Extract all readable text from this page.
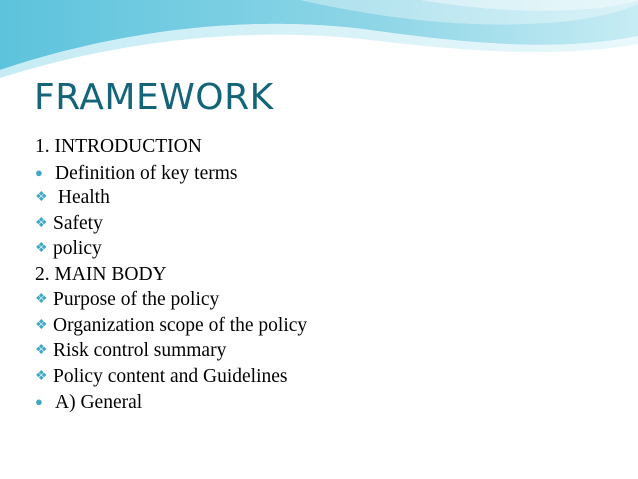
FRAMEWORK
1. INTRODUCTION
● Definition of key terms
❖ Health
❖ Safety
❖ policy
2. MAIN BODY
❖ Purpose of the policy
❖ Organization scope of the policy
❖ Risk control summary
❖ Policy content and Guidelines
● A) General
